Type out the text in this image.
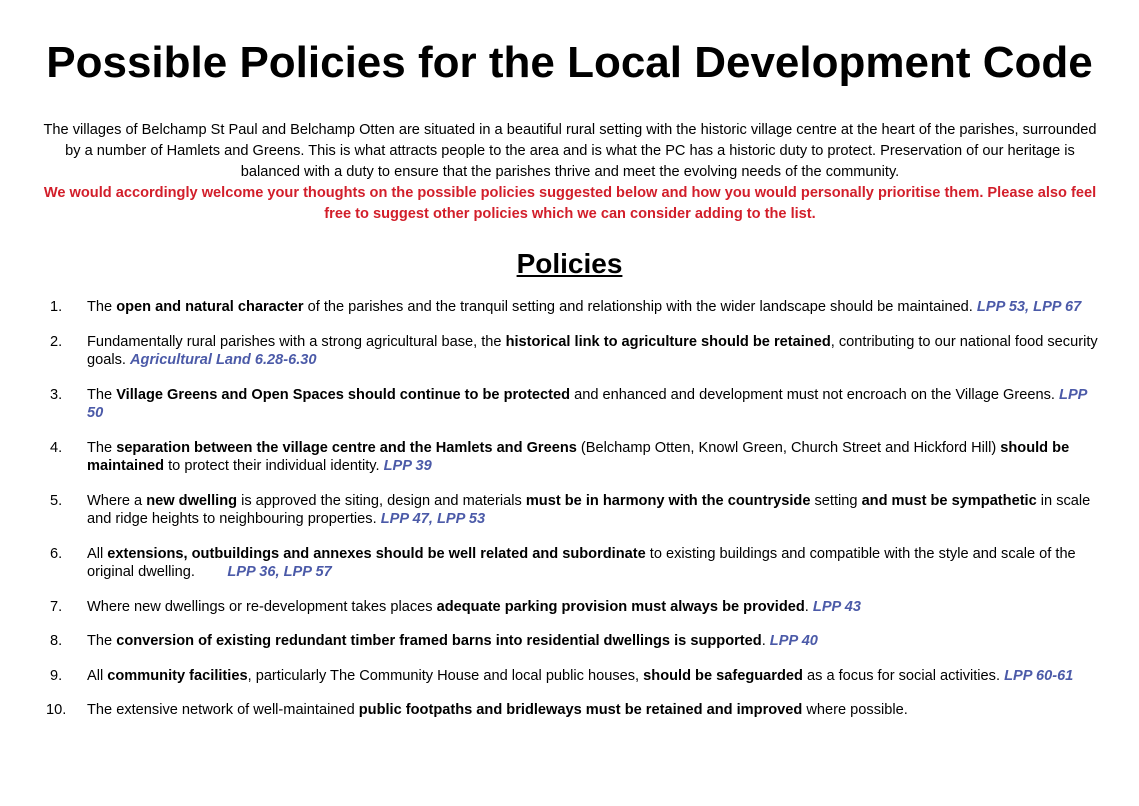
Possible Policies for the Local Development Code

The villages of Belchamp St Paul and Belchamp Otten are situated in a beautiful rural setting with the historic village centre at the heart of the parishes, surrounded by a number of Hamlets and Greens. This is what attracts people to the area and is what the PC has a historic duty to protect. Preservation of our heritage is balanced with a duty to ensure that the parishes thrive and meet the evolving needs of the community.
We would accordingly welcome your thoughts on the possible policies suggested below and how you would personally prioritise them. Please also feel free to suggest other policies which we can consider adding to the list.

Policies
1.	The open and natural character of the parishes and the tranquil setting and relationship with the wider landscape should be maintained. LPP 53, LPP 67
2.	Fundamentally rural parishes with a strong agricultural base, the historical link to agriculture should be retained, contributing to our national food security goals. Agricultural Land 6.28-6.30
3.	The Village Greens and Open Spaces should continue to be protected and enhanced and development must not encroach on the Village Greens. LPP 50
4.	The separation between the village centre and the Hamlets and Greens (Belchamp Otten, Knowl Green, Church Street and Hickford Hill) should be maintained to protect their individual identity. LPP 39
5.	Where a new dwelling is approved the siting, design and materials must be in harmony with the countryside setting and must be sympathetic in scale and ridge heights to neighbouring properties. LPP 47, LPP 53
6.	All extensions, outbuildings and annexes should be well related and subordinate to existing buildings and compatible with the style and scale of the original dwelling.        LPP 36, LPP 57
7.	Where new dwellings or re-development takes places adequate parking provision must always be provided. LPP 43
8.	The conversion of existing redundant timber framed barns into residential dwellings is supported. LPP 40
9.	All community facilities, particularly The Community House and local public houses, should be safeguarded as a focus for social activities. LPP 60-61
10.	The extensive network of well-maintained public footpaths and bridleways must be retained and improved where possible.
